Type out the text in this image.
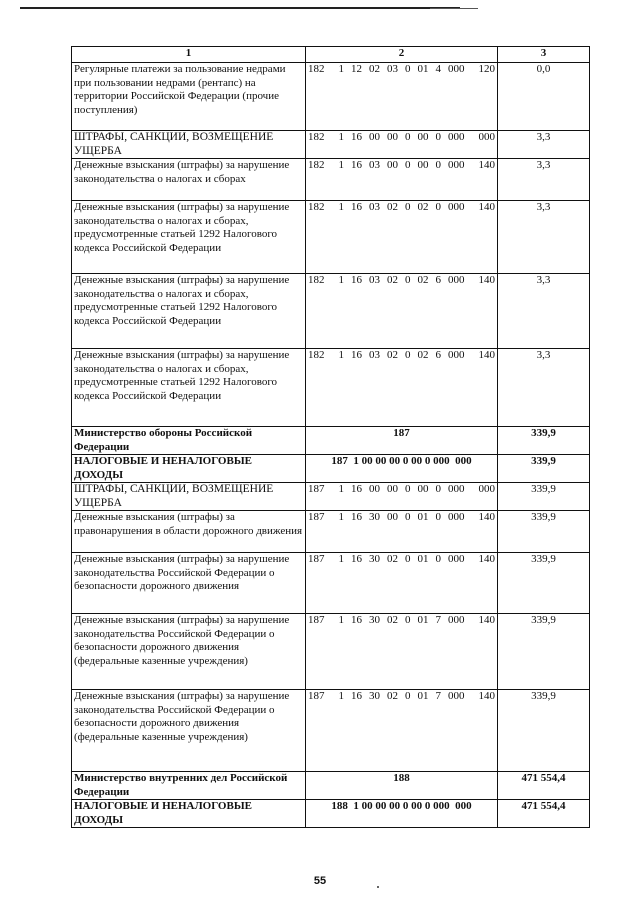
1	2	3
Регулярные платежи за пользование недрами при пользовании недрами (рентапс) на территории Российской Федерации (прочие поступления)	182  1 12 02 03 0 01 4 000  120	0,0
ШТРАФЫ, САНКЦИИ, ВОЗМЕЩЕНИЕ УЩЕРБА	182  1 16 00 00 0 00 0 000  000	3,3
Денежные взыскания (штрафы) за нарушение законодательства о налогах и сборах	182  1 16 03 00 0 00 0 000  140	3,3
Денежные взыскания (штрафы) за нарушение законодательства о налогах и сборах, предусмотренные статьей 1292 Налогового кодекса Российской Федерации	182  1 16 03 02 0 02 0 000  140	3,3
Денежные взыскания (штрафы) за нарушение законодательства о налогах и сборах, предусмотренные статьей 1292 Налогового кодекса Российской Федерации	182  1 16 03 02 0 02 6 000  140	3,3
Денежные взыскания (штрафы) за нарушение законодательства о налогах и сборах, предусмотренные статьей 1292 Налогового кодекса Российской Федерации	182  1 16 03 02 0 02 6 000  140	3,3
Министерство обороны Российской Федерации	187	339,9
НАЛОГОВЫЕ И НЕНАЛОГОВЫЕ ДОХОДЫ	187  1 00 00 00 0 00 0 000  000	339,9
ШТРАФЫ, САНКЦИИ, ВОЗМЕЩЕНИЕ УЩЕРБА	187  1 16 00 00 0 00 0 000  000	339,9
Денежные взыскания (штрафы) за правонарушения в области дорожного движения	187  1 16 30 00 0 01 0 000  140	339,9
Денежные взыскания (штрафы) за нарушение законодательства Российской Федерации о безопасности дорожного движения	187  1 16 30 02 0 01 0 000  140	339,9
Денежные взыскания (штрафы) за нарушение законодательства Российской Федерации о безопасности дорожного движения (федеральные казенные учреждения)	187  1 16 30 02 0 01 7 000  140	339,9
Денежные взыскания (штрафы) за нарушение законодательства Российской Федерации о безопасности дорожного движения (федеральные казенные учреждения)	187  1 16 30 02 0 01 7 000  140	339,9
Министерство внутренних дел Российской Федерации	188	471 554,4
НАЛОГОВЫЕ И НЕНАЛОГОВЫЕ ДОХОДЫ	188  1 00 00 00 0 00 0 000  000	471 554,4
55
